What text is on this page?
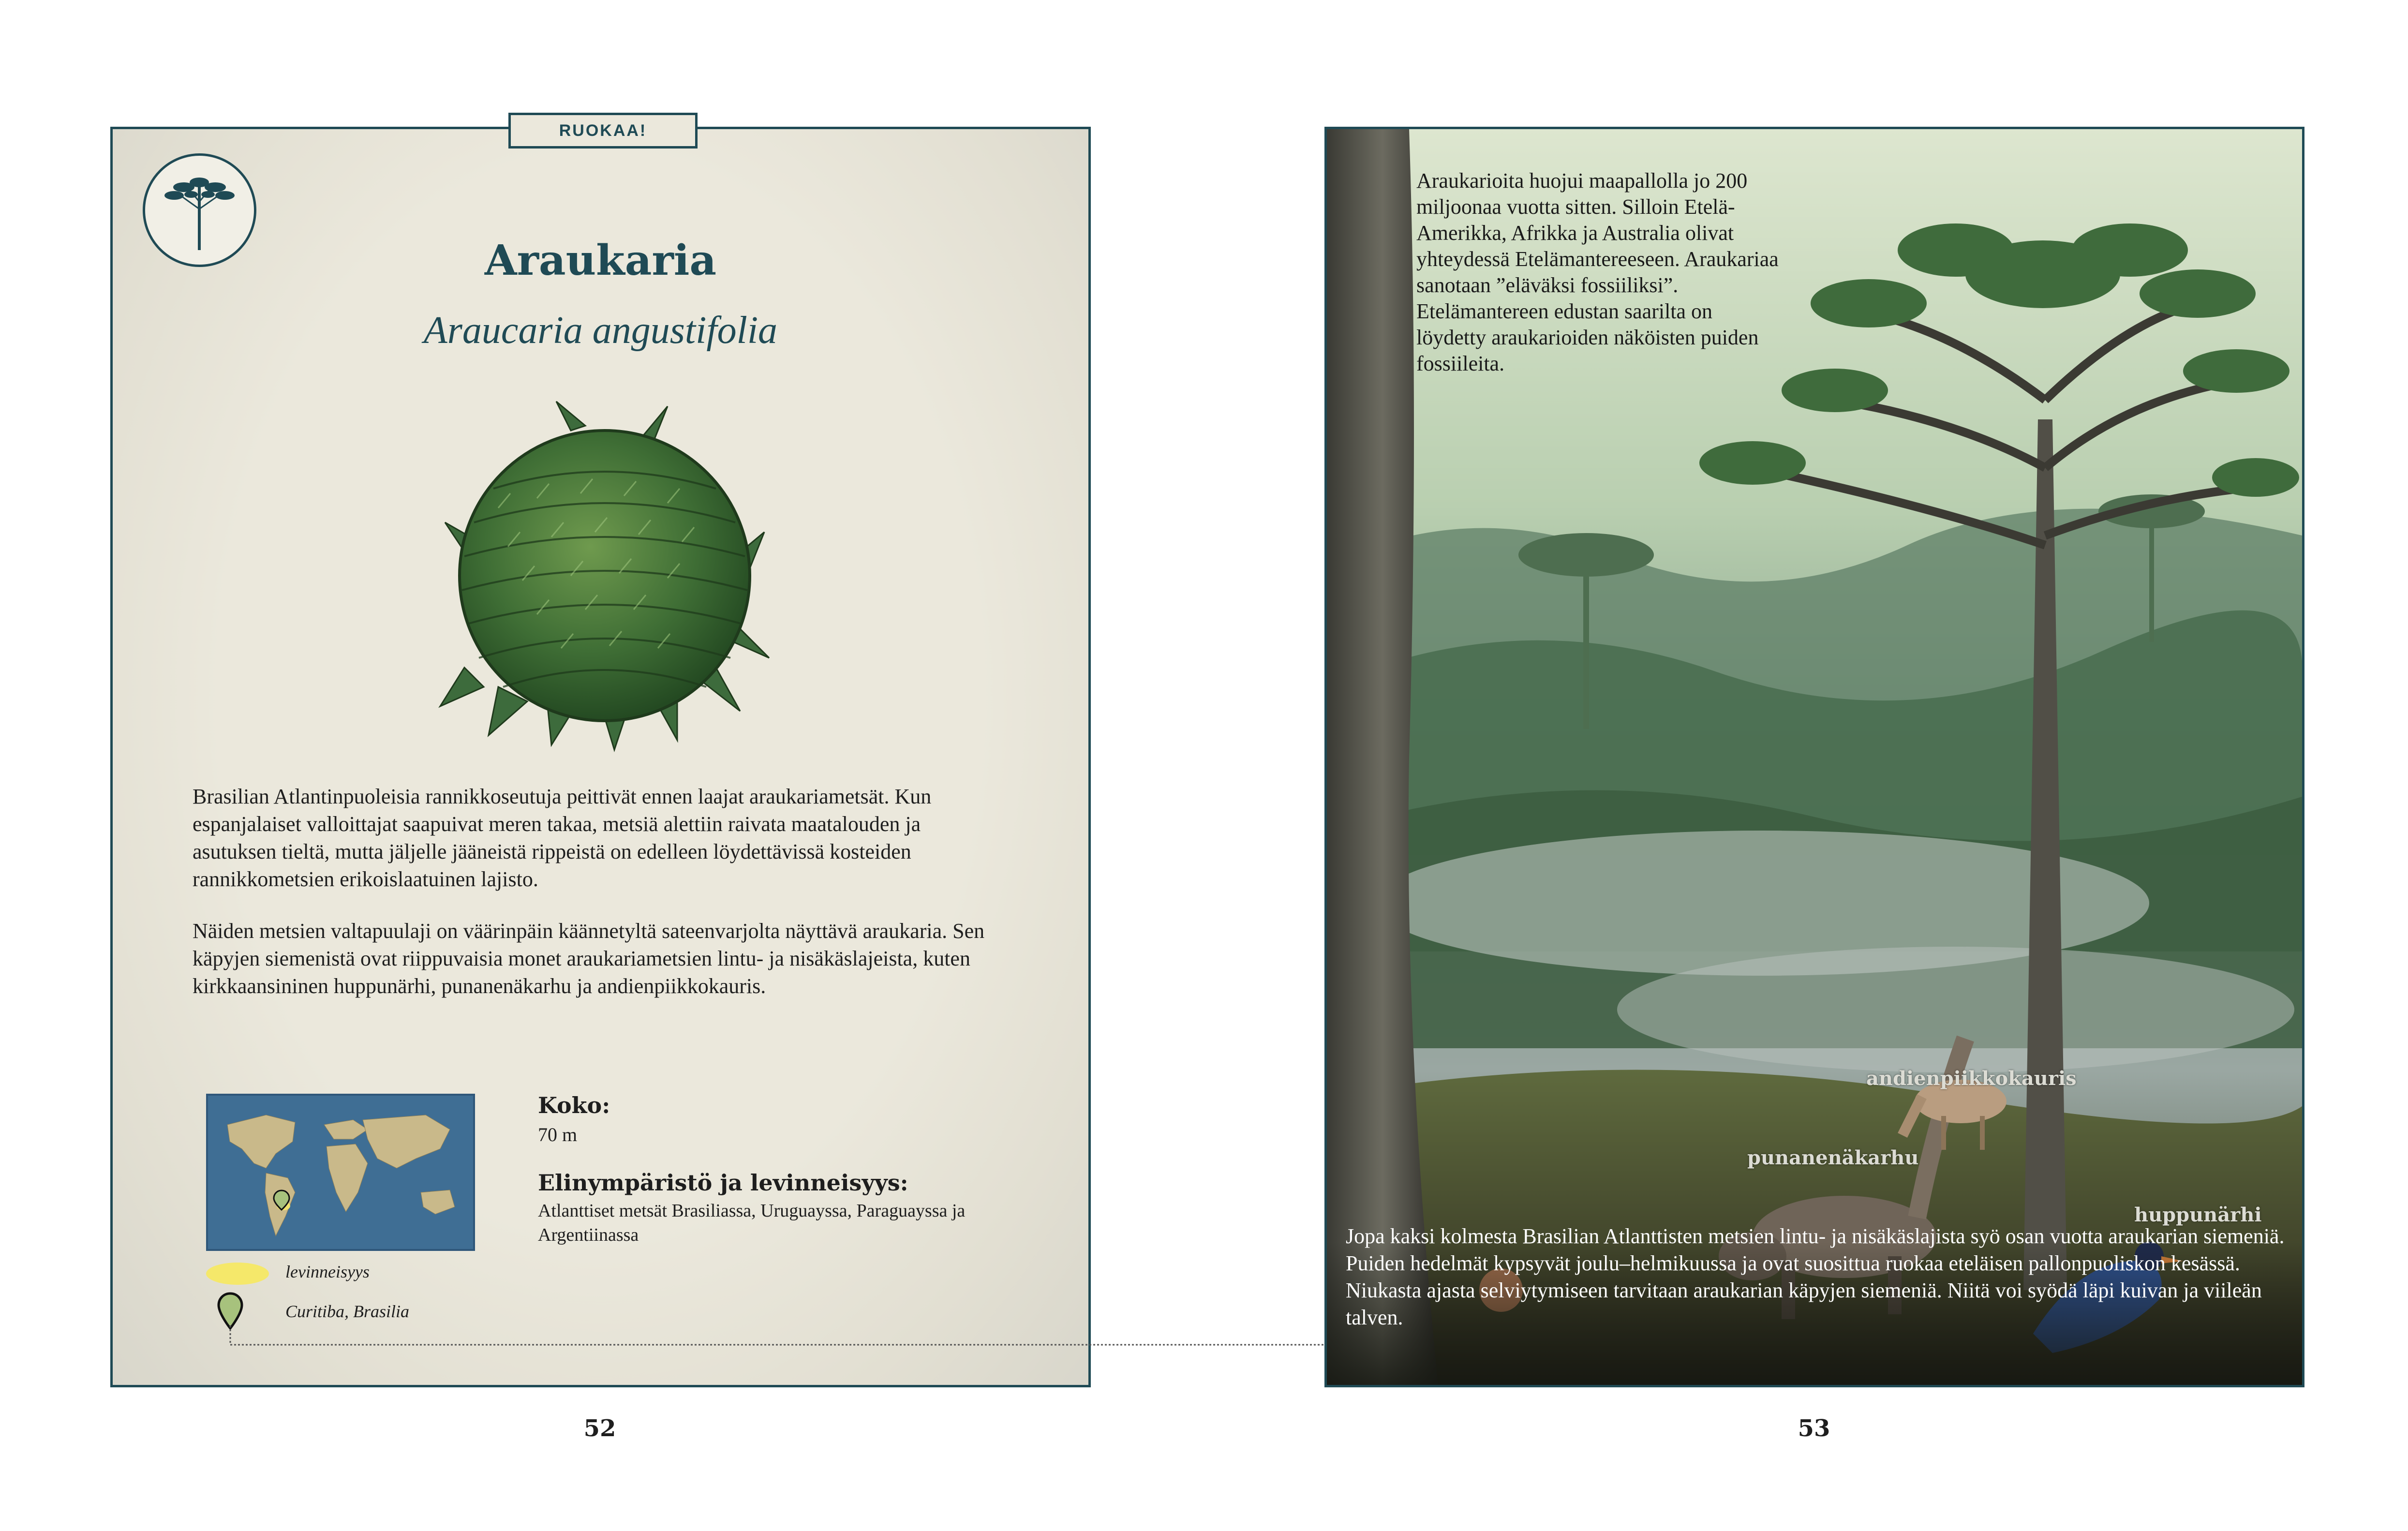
RUOKAA!
Araukaria
Araucaria angustifolia

Brasilian Atlantinpuoleisia rannikkoseutuja peittivät ennen laajat araukariametsät. Kun espanjalaiset valloittajat saapuivat meren takaa, metsiä alettiin raivata maatalouden ja asutuksen tieltä, mutta jäljelle jääneistä rippeistä on edelleen löydettävissä kosteiden rannikkometsien erikoislaatuinen lajisto.

Näiden metsien valtapuulaji on väärinpäin käännetyltä sateenvarjolta näyttävä araukaria. Sen käpyjen siemenistä ovat riippuvaisia monet araukariametsien lintu- ja nisäkäslajeista, kuten kirkkaansininen huppunärhi, punanenäkarhu ja andienpiikkokauris.

Koko:
70 m
Elinympäristö ja levinneisyys:
Atlanttiset metsät Brasiliassa, Uruguayssa, Paraguayssa ja Argentiinassa
levinneisyys
Curitiba, Brasilia
52
Araukarioita huojui maapallolla jo 200 miljoonaa vuotta sitten. Silloin Etelä-Amerikka, Afrikka ja Australia olivat yhteydessä Etelämantereeseen. Araukariaa sanotaan ”eläväksi fossiiliksi”. Etelämantereen edustan saarilta on löydetty araukarioiden näköisten puiden fossiileita.
andienpiikkokauris
punanenäkarhu
huppunärhi
Jopa kaksi kolmesta Brasilian Atlanttisten metsien lintu- ja nisäkäslajista syö osan vuotta araukarian siemeniä. Puiden hedelmät kypsyvät joulu–helmikuussa ja ovat suosittua ruokaa eteläisen pallonpuoliskon kesässä. Niukasta ajasta selviytymiseen tarvitaan araukarian käpyjen siemeniä. Niitä voi syödä läpi kuivan ja viileän talven.
53
